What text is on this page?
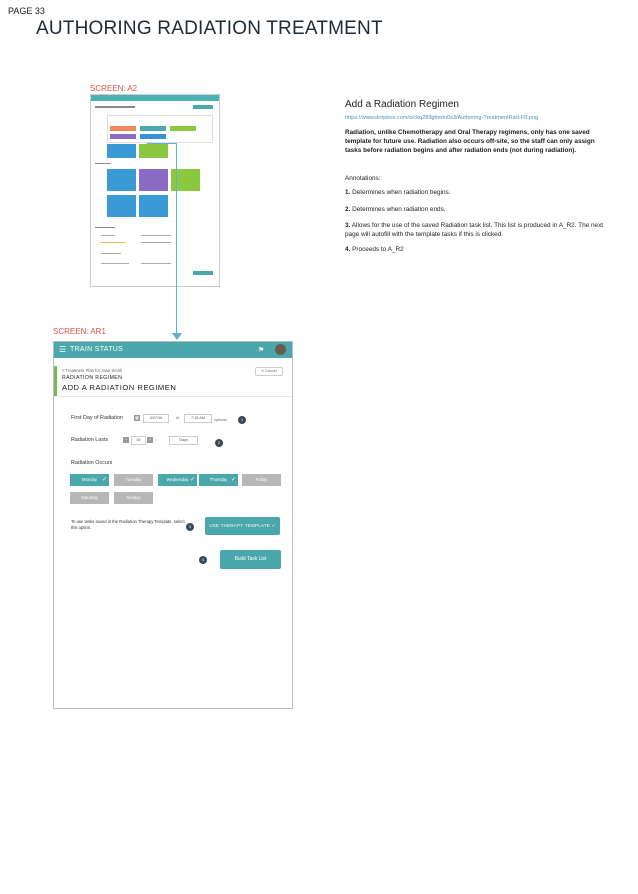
PAGE 33
AUTHORING RADIATION TREATMENT
SCREEN: A2
Add a Radiation Regimen
https://www.dropbox.com/s/ckq289gbmtn0s3/Authoring-TreatmentRad-F8.png
Radiation, unlike Chemotherapy and Oral Therapy regimens, only has one saved template for future use. Radiation also occurs off-site, so the staff can only assign tasks before radiation begins and after radiation ends (not during radiation).
Annotations:
1. Determines when radiation begins.
2. Determines when radiation ends.
3. Allows for the use of the saved Radiation task list. This list is produced in A_R2. The next page will autofill with the template tasks if this is clicked.
4. Proceeds to A_R2
SCREEN: AR1
☰ TRAIN STATUS	⚑
< Treatment Plan for Jane Smith
RADIATION REGIMEN
ADD A RADIATION REGIMEN
X Cancel
First Day of Radiation	▦	3/27/16	At	7:15 AM	optional	1
Radiation Lasts	−	30	+	Days
2
Radiation Occurs
Monday ✓	Tuesday	Wednesday ✓	Thursday ✓	Friday
Saturday	Sunday
To use tasks saved in the Radiation Therapy Template, select this option.	3	USE THERAPY TEMPLATE ✓
4	Build Task List
